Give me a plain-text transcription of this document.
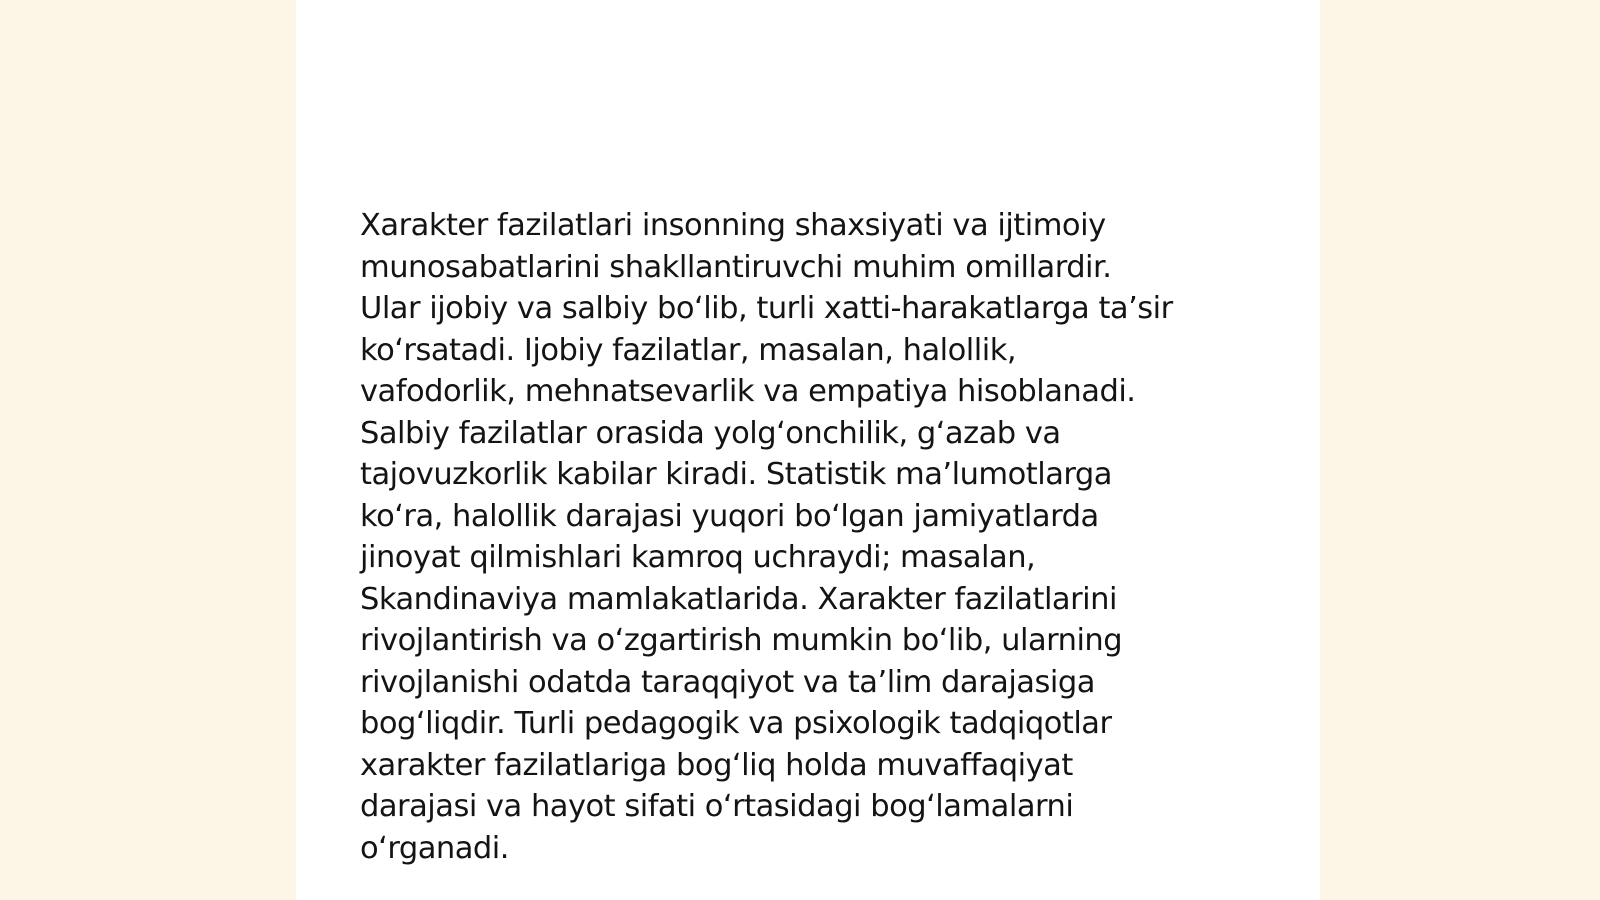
Xarakter fazilatlari insonning shaxsiyati va ijtimoiy
munosabatlarini shakllantiruvchi muhim omillardir.
Ular ijobiy va salbiy boʻlib, turli xatti-harakatlarga taʼsir
koʻrsatadi. Ijobiy fazilatlar, masalan, halollik,
vafodorlik, mehnatsevarlik va empatiya hisoblanadi.
Salbiy fazilatlar orasida yolgʻonchilik, gʻazab va
tajovuzkorlik kabilar kiradi. Statistik maʼlumotlarga
koʻra, halollik darajasi yuqori boʻlgan jamiyatlarda
jinoyat qilmishlari kamroq uchraydi; masalan,
Skandinaviya mamlakatlarida. Xarakter fazilatlarini
rivojlantirish va oʻzgartirish mumkin boʻlib, ularning
rivojlanishi odatda taraqqiyot va taʼlim darajasiga
bogʻliqdir. Turli pedagogik va psixologik tadqiqotlar
xarakter fazilatlariga bogʻliq holda muvaffaqiyat
darajasi va hayot sifati oʻrtasidagi bogʻlamalarni
oʻrganadi.
